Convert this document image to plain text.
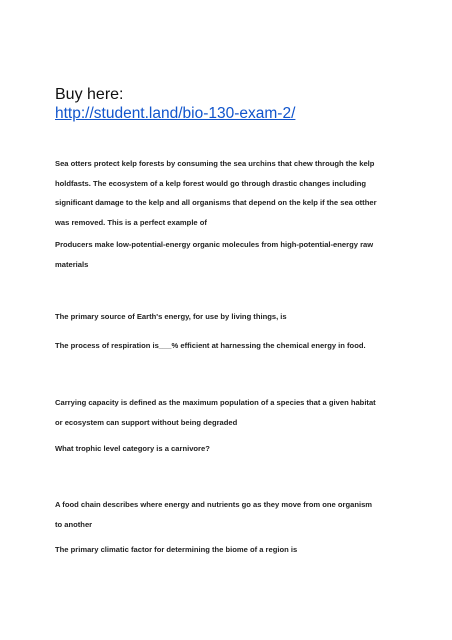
Buy here:
http://student.land/bio-130-exam-2/
Sea otters protect kelp forests by consuming the sea urchins that chew through the kelp
holdfasts. The ecosystem of a kelp forest would go through drastic changes including
significant damage to the kelp and all organisms that depend on the kelp if the sea otther
was removed. This is a perfect example of
Producers make low-potential-energy organic molecules from high-potential-energy raw
materials
The primary source of Earth's energy, for use by living things, is
The process of respiration is___% efficient at harnessing the chemical energy in food.
Carrying capacity is defined as the maximum population of a species that a given habitat
or ecosystem can support without being degraded
What trophic level category is a carnivore?
A food chain describes where energy and nutrients go as they move from one organism
to another
The primary climatic factor for determining the biome of a region is
